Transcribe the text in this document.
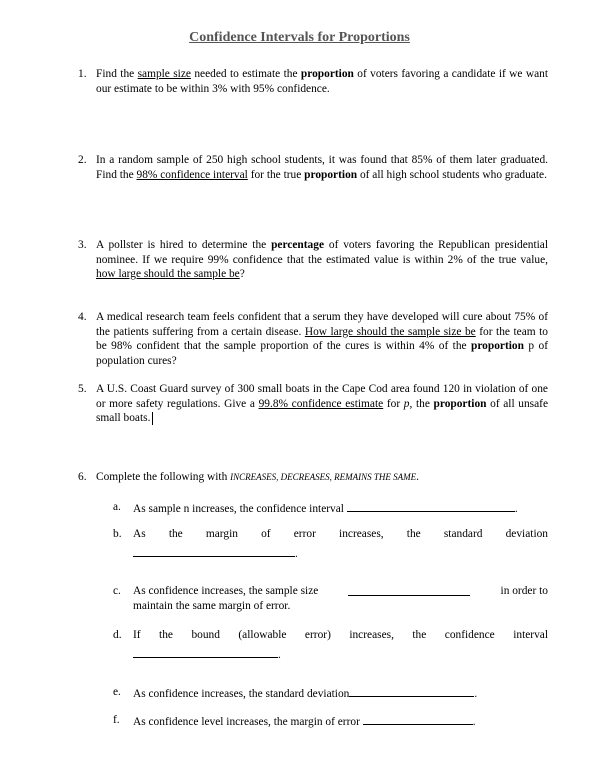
Confidence Intervals for Proportions
1. Find the sample size needed to estimate the proportion of voters favoring a candidate if we want our estimate to be within 3% with 95% confidence.
2. In a random sample of 250 high school students, it was found that 85% of them later graduated. Find the 98% confidence interval for the true proportion of all high school students who graduate.
3. A pollster is hired to determine the percentage of voters favoring the Republican presidential nominee. If we require 99% confidence that the estimated value is within 2% of the true value, how large should the sample be?
4. A medical research team feels confident that a serum they have developed will cure about 75% of the patients suffering from a certain disease. How large should the sample size be for the team to be 98% confident that the sample proportion of the cures is within 4% of the proportion p of population cures?
5. A U.S. Coast Guard survey of 300 small boats in the Cape Cod area found 120 in violation of one or more safety regulations. Give a 99.8% confidence estimate for p, the proportion of all unsafe small boats.
6. Complete the following with INCREASES, DECREASES, REMAINS THE SAME.
a. As sample n increases, the confidence interval	.
b. As the margin of error increases, the standard deviation
.
c. As confidence increases, the sample size	in order to
maintain the same margin of error.
d. If the bound (allowable error) increases, the confidence interval
.
e. As confidence increases, the standard deviation	.
f. As confidence level increases, the margin of error	.
